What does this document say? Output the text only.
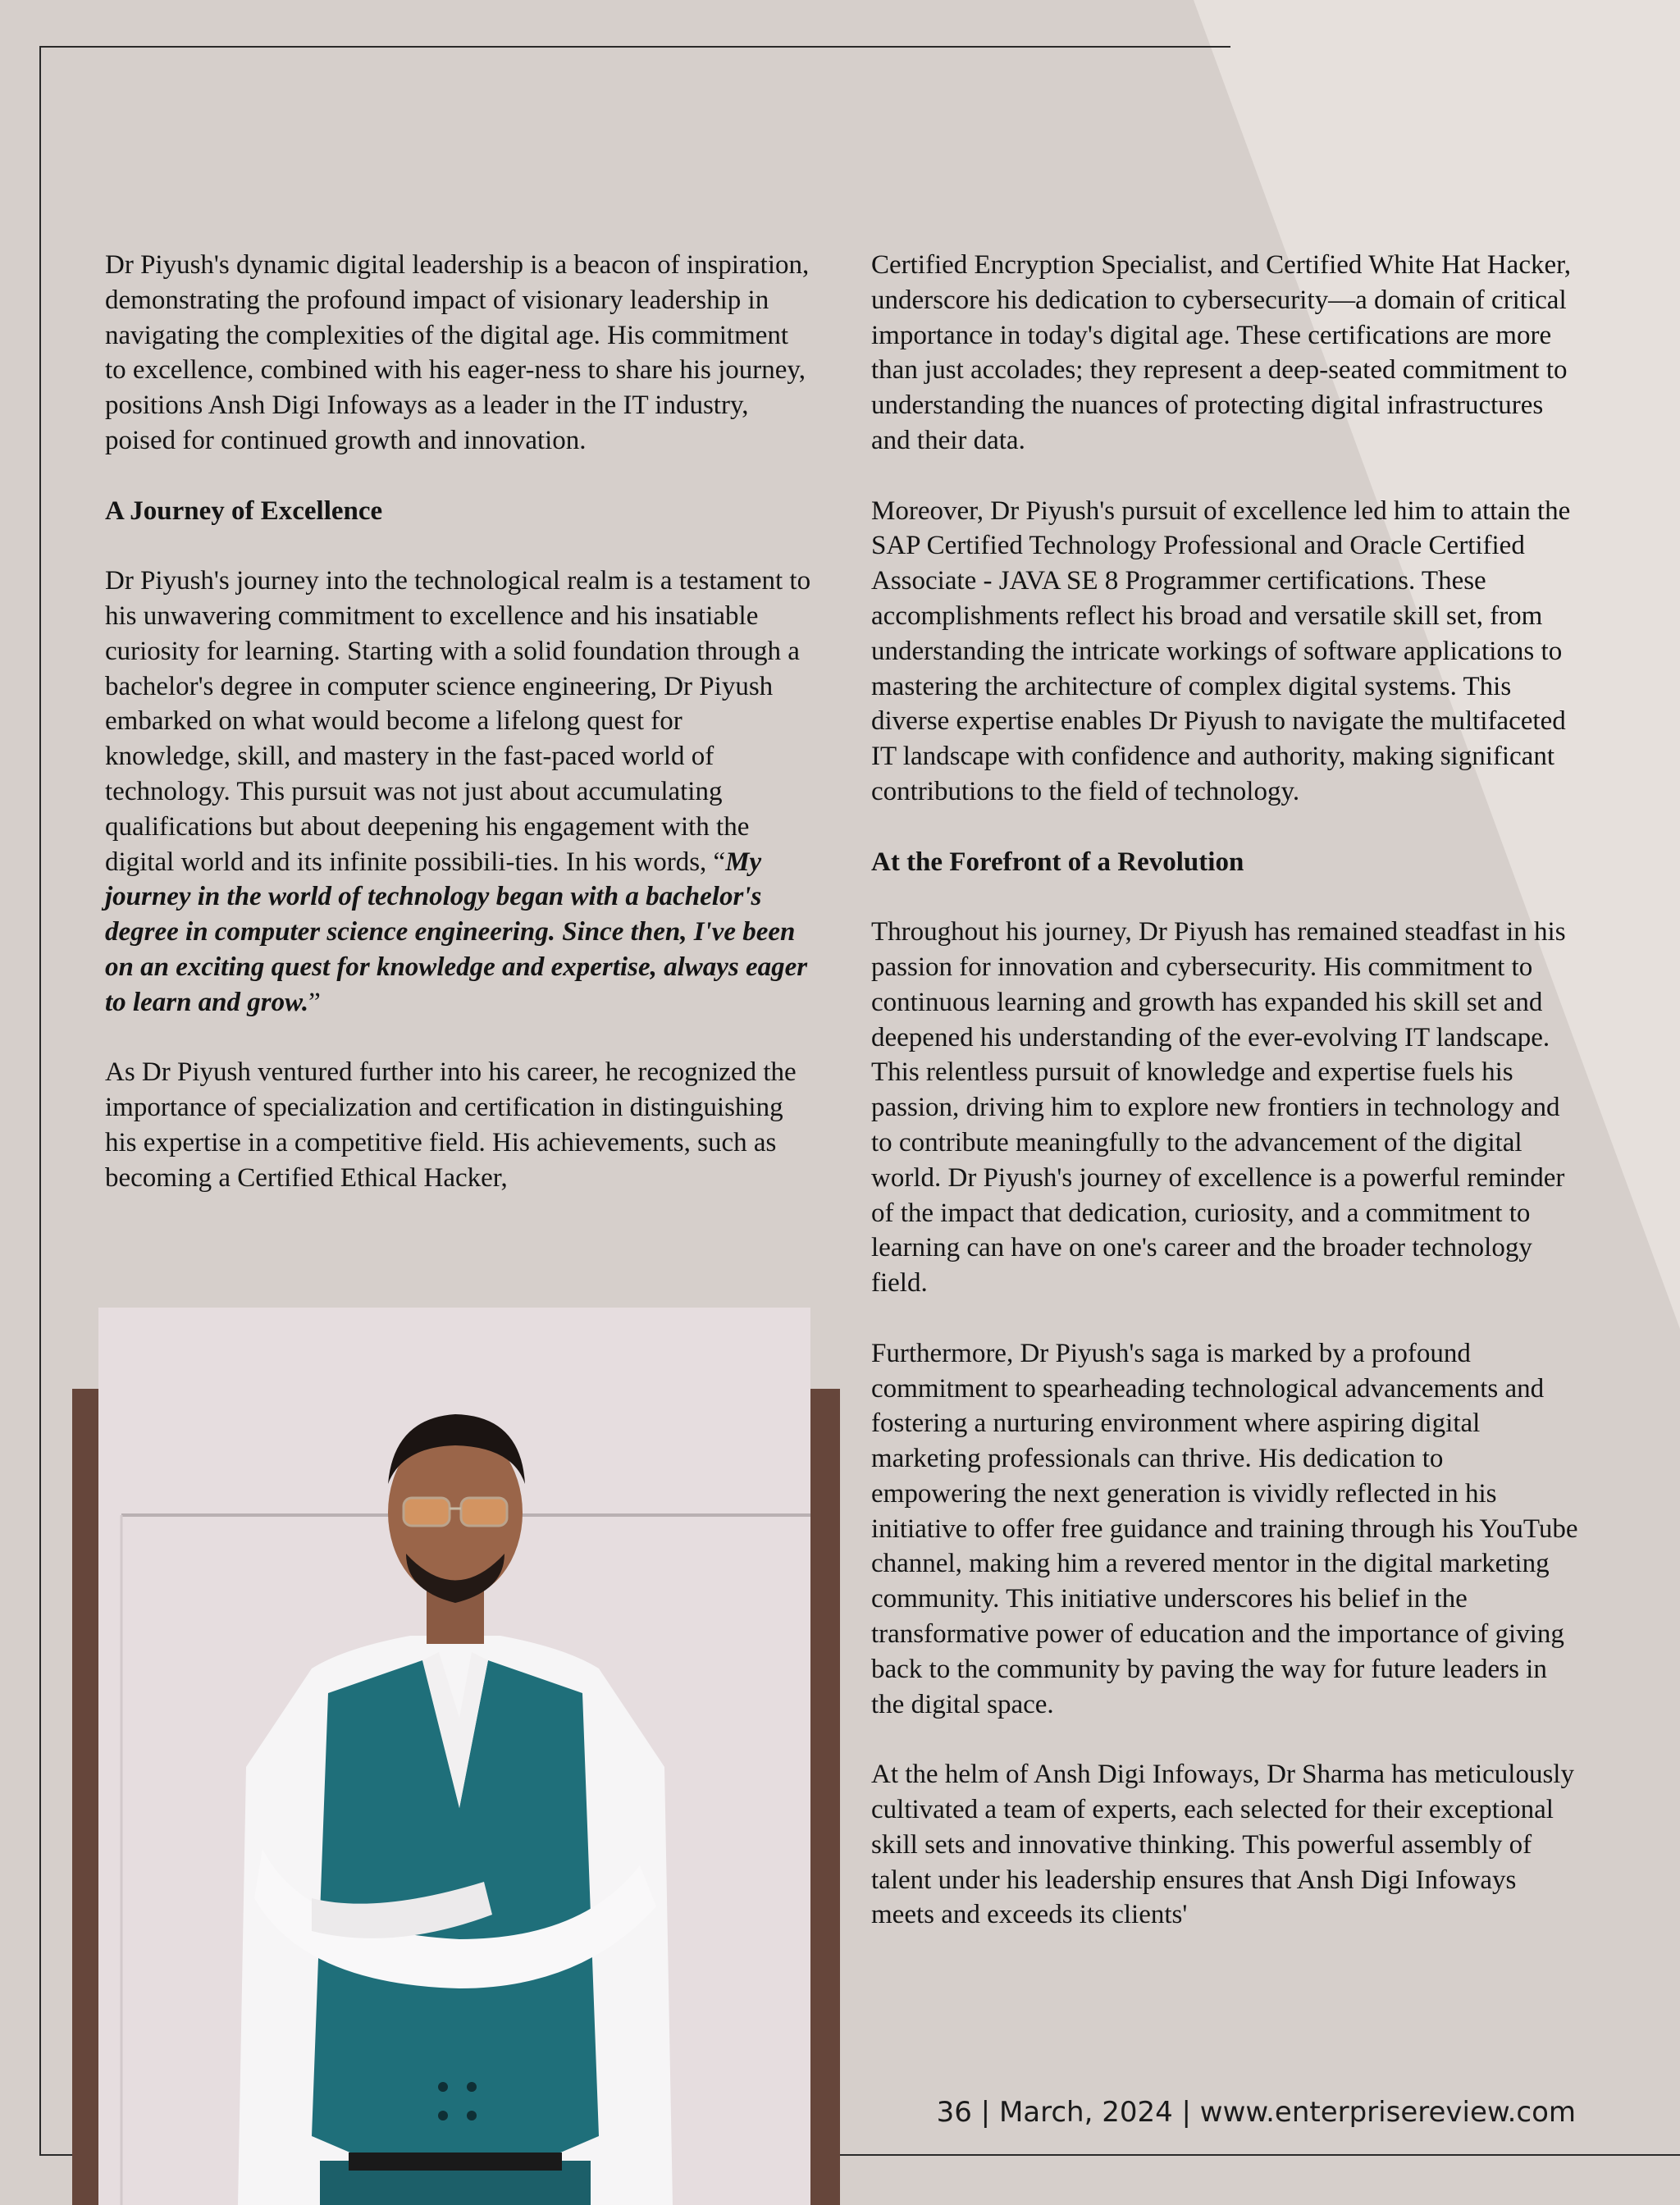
Dr Piyush's dynamic digital leadership is a beacon of inspiration, demonstrating the profound impact of visionary leadership in navigating the complexities of the digital age. His commitment to excellence, combined with his eager-ness to share his journey, positions Ansh Digi Infoways as a leader in the IT industry, poised for continued growth and innovation.

A Journey of Excellence

Dr Piyush's journey into the technological realm is a testament to his unwavering commitment to excellence and his insatiable curiosity for learning. Starting with a solid foundation through a bachelor's degree in computer science engineering, Dr Piyush embarked on what would become a lifelong quest for knowledge, skill, and mastery in the fast-paced world of technology. This pursuit was not just about accumulating qualifications but about deepening his engagement with the digital world and its infinite possibili-ties. In his words, “My journey in the world of technology began with a bachelor's degree in computer science engineering. Since then, I've been on an exciting quest for knowledge and expertise, always eager to learn and grow.”

As Dr Piyush ventured further into his career, he recognized the importance of specialization and certification in distinguishing his expertise in a competitive field. His achievements, such as becoming a Certified Ethical Hacker,

Certified Encryption Specialist, and Certified White Hat Hacker, underscore his dedication to cybersecurity—a domain of critical importance in today's digital age. These certifications are more than just accolades; they represent a deep-seated commitment to understanding the nuances of protecting digital infrastructures and their data.

Moreover, Dr Piyush's pursuit of excellence led him to attain the SAP Certified Technology Professional and Oracle Certified Associate - JAVA SE 8 Programmer certifications. These accomplishments reflect his broad and versatile skill set, from understanding the intricate workings of software applications to mastering the architecture of complex digital systems. This diverse expertise enables Dr Piyush to navigate the multifaceted IT landscape with confidence and authority, making significant contributions to the field of technology.

At the Forefront of a Revolution

Throughout his journey, Dr Piyush has remained steadfast in his passion for innovation and cybersecurity. His commitment to continuous learning and growth has expanded his skill set and deepened his understanding of the ever-evolving IT landscape. This relentless pursuit of knowledge and expertise fuels his passion, driving him to explore new frontiers in technology and to contribute meaningfully to the advancement of the digital world. Dr Piyush's journey of excellence is a powerful reminder of the impact that dedication, curiosity, and a commitment to learning can have on one's career and the broader technology field.

Furthermore, Dr Piyush's saga is marked by a profound commitment to spearheading technological advancements and fostering a nurturing environment where aspiring digital marketing professionals can thrive. His dedication to empowering the next generation is vividly reflected in his initiative to offer free guidance and training through his YouTube channel, making him a revered mentor in the digital marketing community. This initiative underscores his belief in the transformative power of education and the importance of giving back to the community by paving the way for future leaders in the digital space.

At the helm of Ansh Digi Infoways, Dr Sharma has meticulously cultivated a team of experts, each selected for their exceptional skill sets and innovative thinking. This powerful assembly of talent under his leadership ensures that Ansh Digi Infoways meets and exceeds its clients'

36 | March, 2024 | www.enterprisereview.com
